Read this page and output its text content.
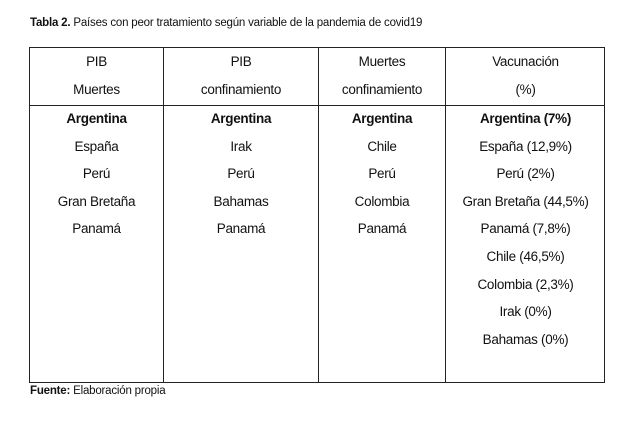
Tabla 2. Países con peor tratamiento según variable de la pandemia de covid19
PIB
Muertes
Argentina
España
Perú
Gran Bretaña
Panamá
PIB
confinamiento
Argentina
Irak
Perú
Bahamas
Panamá
Muertes
confinamiento
Argentina
Chile
Perú
Colombia
Panamá
Vacunación
(%)
Argentina (7%)
España (12,9%)
Perú (2%)
Gran Bretaña (44,5%)
Panamá (7,8%)
Chile (46,5%)
Colombia (2,3%)
Irak (0%)
Bahamas (0%)
Fuente: Elaboración propia
